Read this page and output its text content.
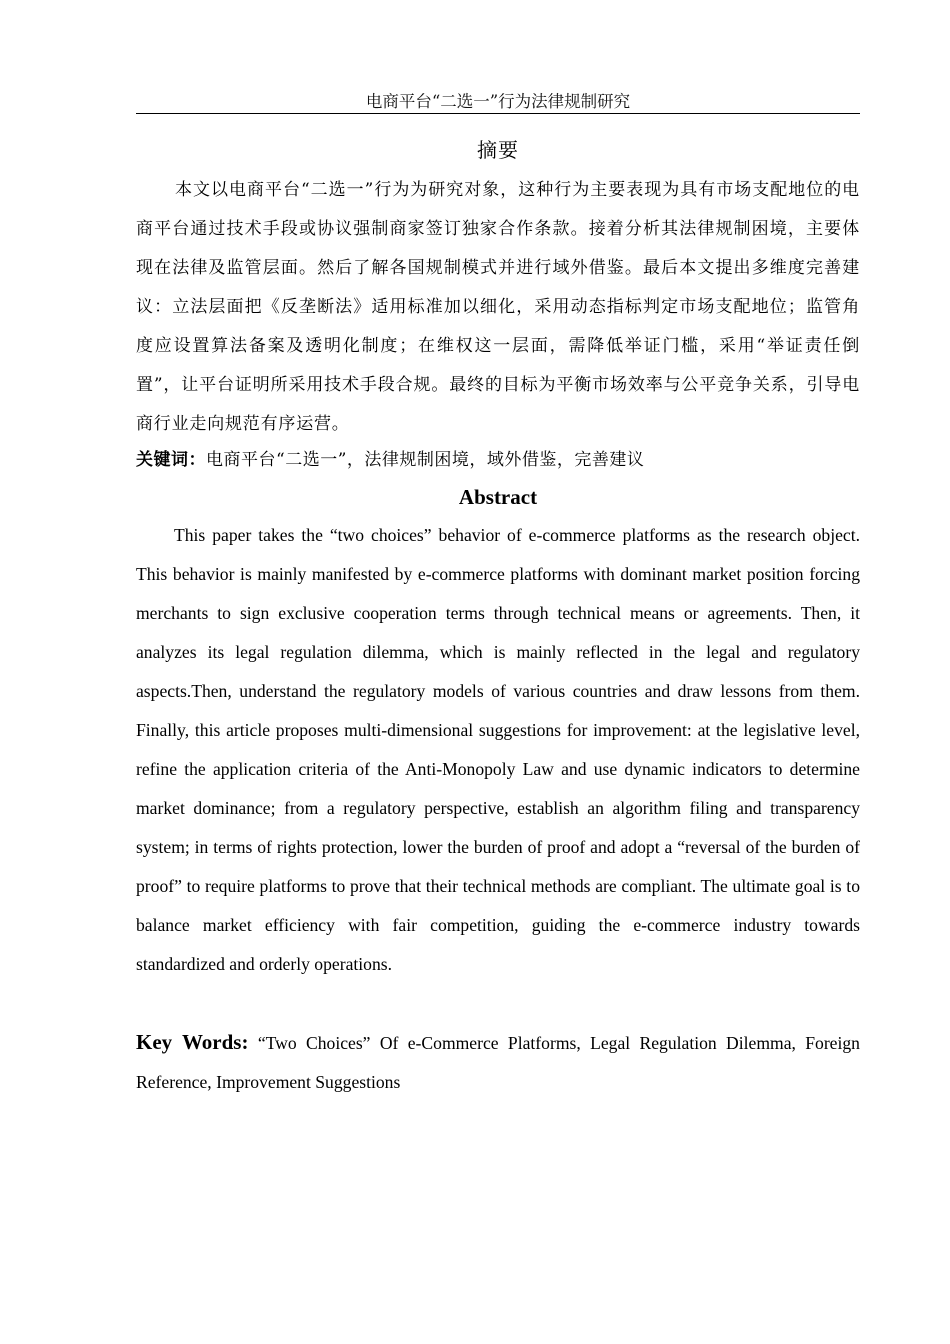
电商平台“二选一”行为法律规制研究
摘要
本文以电商平台“二选一”行为为研究对象，这种行为主要表现为具有市场支配地位的电商平台通过技术手段或协议强制商家签订独家合作条款。接着分析其法律规制困境，主要体现在法律及监管层面。然后了解各国规制模式并进行域外借鉴。最后本文提出多维度完善建议：立法层面把《反垄断法》适用标准加以细化，采用动态指标判定市场支配地位；监管角度应设置算法备案及透明化制度；在维权这一层面，需降低举证门槛，采用“举证责任倒置”，让平台证明所采用技术手段合规。最终的目标为平衡市场效率与公平竞争关系，引导电商行业走向规范有序运营。
关键词：电商平台“二选一”，法律规制困境，域外借鉴，完善建议
Abstract
This paper takes the “two choices” behavior of e-commerce platforms as the research object. This behavior is mainly manifested by e-commerce platforms with dominant market position forcing merchants to sign exclusive cooperation terms through technical means or agreements. Then, it analyzes its legal regulation dilemma, which is mainly reflected in the legal and regulatory aspects.Then, understand the regulatory models of various countries and draw lessons from them. Finally, this article proposes multi-dimensional suggestions for improvement: at the legislative level, refine the application criteria of the Anti-Monopoly Law and use dynamic indicators to determine market dominance; from a regulatory perspective, establish an algorithm filing and transparency system; in terms of rights protection, lower the burden of proof and adopt a “reversal of the burden of proof” to require platforms to prove that their technical methods are compliant. The ultimate goal is to balance market efficiency with fair competition, guiding the e-commerce industry towards standardized and orderly operations.
Key Words: “Two Choices” Of e-Commerce Platforms, Legal Regulation Dilemma, Foreign Reference, Improvement Suggestions
